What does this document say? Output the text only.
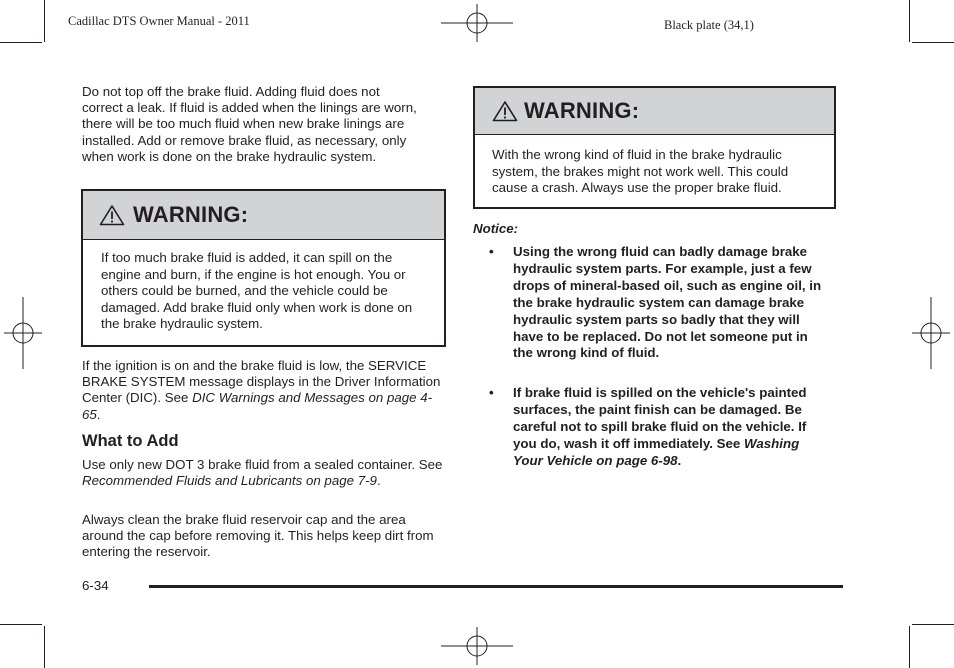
Cadillac DTS Owner Manual - 2011	Black plate (34,1)

Do not top off the brake fluid. Adding fluid does not correct a leak. If fluid is added when the linings are worn, there will be too much fluid when new brake linings are installed. Add or remove brake fluid, as necessary, only when work is done on the brake hydraulic system.

WARNING:
If too much brake fluid is added, it can spill on the engine and burn, if the engine is hot enough. You or others could be burned, and the vehicle could be damaged. Add brake fluid only when work is done on the brake hydraulic system.

If the ignition is on and the brake fluid is low, the SERVICE BRAKE SYSTEM message displays in the Driver Information Center (DIC). See DIC Warnings and Messages on page 4-65.

What to Add

Use only new DOT 3 brake fluid from a sealed container. See Recommended Fluids and Lubricants on page 7-9.

Always clean the brake fluid reservoir cap and the area around the cap before removing it. This helps keep dirt from entering the reservoir.

WARNING:
With the wrong kind of fluid in the brake hydraulic system, the brakes might not work well. This could cause a crash. Always use the proper brake fluid.
Notice:
• Using the wrong fluid can badly damage brake hydraulic system parts. For example, just a few drops of mineral-based oil, such as engine oil, in the brake hydraulic system can damage brake hydraulic system parts so badly that they will have to be replaced. Do not let someone put in the wrong kind of fluid.
• If brake fluid is spilled on the vehicle's painted surfaces, the paint finish can be damaged. Be careful not to spill brake fluid on the vehicle. If you do, wash it off immediately. See Washing Your Vehicle on page 6-98.
6-34
